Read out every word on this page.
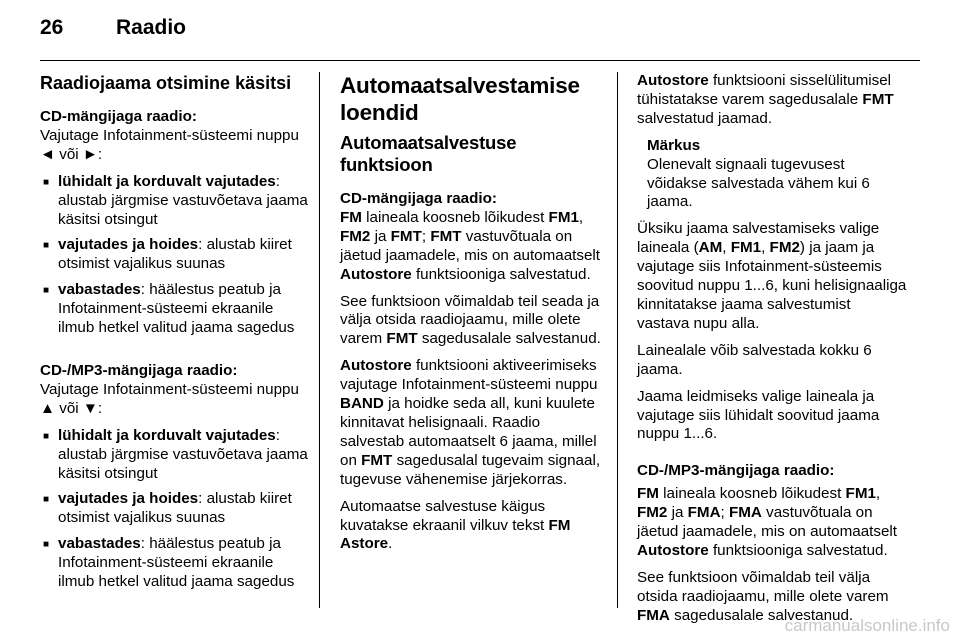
26	Raadio
Raadiojaama otsimine käsitsi
CD-mängijaga raadio:

Vajutage Infotainment-süsteemi nuppu ◄ või ►:

■ lühidalt ja korduvalt vajutades: alustab järgmise vastuvõetava jaama käsitsi otsingut
■ vajutades ja hoides: alustab kiiret otsimist vajalikus suunas
■ vabastades: häälestus peatub ja Infotainment-süsteemi ekraanile ilmub hetkel valitud jaama sagedus
CD-/MP3-mängijaga raadio:

Vajutage Infotainment-süsteemi nuppu ▲ või ▼:

■ lühidalt ja korduvalt vajutades: alustab järgmise vastuvõetava jaama käsitsi otsingut
■ vajutades ja hoides: alustab kiiret otsimist vajalikus suunas
■ vabastades: häälestus peatub ja Infotainment-süsteemi ekraanile ilmub hetkel valitud jaama sagedus
Automaatsalvestamise loendid
Automaatsalvestuse funktsioon
CD-mängijaga raadio:

FM laineala koosneb lõikudest FM1, FM2 ja FMT; FMT vastuvõtuala on jäetud jaamadele, mis on automaatselt Autostore funktsiooniga salvestatud.

See funktsioon võimaldab teil seada ja välja otsida raadiojaamu, mille olete varem FMT sagedusalale salvestanud.

Autostore funktsiooni aktiveerimiseks vajutage Infotainment-süsteemi nuppu BAND ja hoidke seda all, kuni kuulete kinnitavat helisignaali. Raadio salvestab automaatselt 6 jaama, millel on FMT sagedusalal tugevaim signaal, tugevuse vähenemise järjekorras.

Automaatse salvestuse käigus kuvatakse ekraanil vilkuv tekst FM Astore.

Autostore funktsiooni sisselülitumisel tühistatakse varem sagedusalale FMT salvestatud jaamad.

Märkus
Olenevalt signaali tugevusest võidakse salvestada vähem kui 6 jaama.

Üksiku jaama salvestamiseks valige laineala (AM, FM1, FM2) ja jaam ja vajutage siis Infotainment-süsteemis soovitud nuppu 1...6, kuni helisignaaliga kinnitatakse jaama salvestumist vastava nupu alla.

Lainealale võib salvestada kokku 6 jaama.

Jaama leidmiseks valige laineala ja vajutage siis lühidalt soovitud jaama nuppu 1...6.

CD-/MP3-mängijaga raadio:

FM laineala koosneb lõikudest FM1, FM2 ja FMA; FMA vastuvõtuala on jäetud jaamadele, mis on automaatselt Autostore funktsiooniga salvestatud.

See funktsioon võimaldab teil välja otsida raadiojaamu, mille olete varem FMA sagedusalale salvestanud.

carmanualsonline.info
